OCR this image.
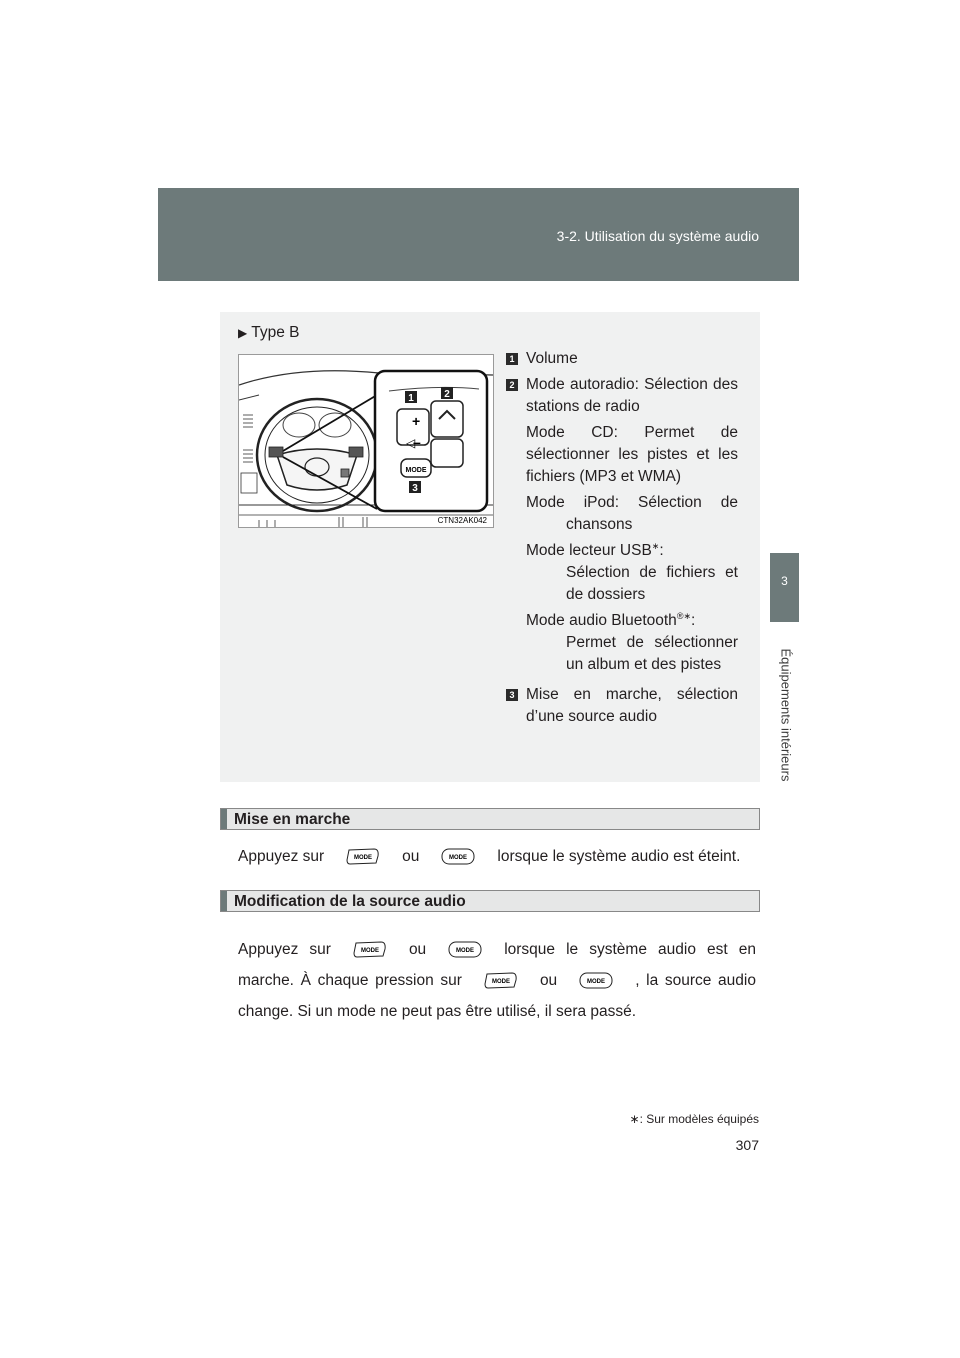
3-2. Utilisation du système audio
3
Équipements intérieurs
▶ Type B
+
◁
–
MODE
1	2
3
CTN32AK042
1 Volume
2 Mode autoradio: Sélection des stations de radio
Mode CD: Permet de sélectionner les pistes et les fichiers (MP3 et WMA)
Mode iPod: Sélection de chansons
Mode lecteur USB∗:
Sélection de fichiers et de dossiers
Mode audio Bluetooth®∗:
Permet de sélectionner un album et des pistes
3 Mise en marche, sélection d’une source audio
Mise en marche
Appuyez sur	MODE ou	MODE lorsque le système audio est éteint.
Modification de la source audio
Appuyez sur	MODE ou	MODE lorsque le système audio est en marche. À chaque pression sur	MODE ou	MODE , la source audio change. Si un mode ne peut pas être utilisé, il sera passé.
∗: Sur modèles équipés
307
